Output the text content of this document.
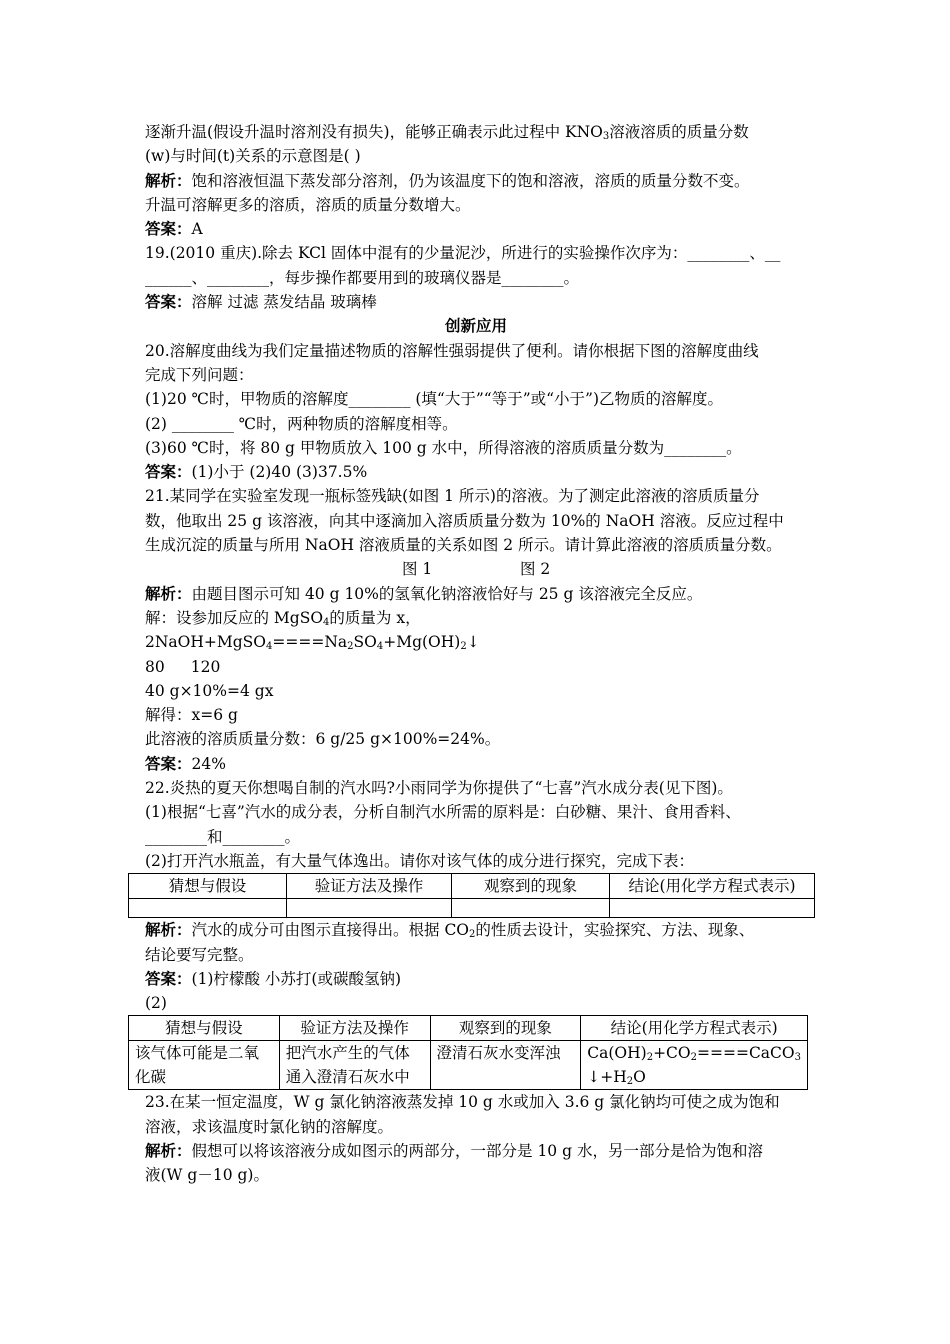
逐渐升温(假设升温时溶剂没有损失)，能够正确表示此过程中 $KNO_3$溶液溶质的质量分数
(w)与时间(t)关系的示意图是( )
解析：饱和溶液恒温下蒸发部分溶剂，仍为该温度下的饱和溶液，溶质的质量分数不变。
升温可溶解更多的溶质，溶质的质量分数增大。
答案：A
19.(2010 重庆).除去 KCl 固体中混有的少量泥沙，所进行的实验操作次序为：________、__
______、________，每步操作都要用到的玻璃仪器是________。
答案：溶解 过滤 蒸发结晶 玻璃棒
创新应用
20.溶解度曲线为我们定量描述物质的溶解性强弱提供了便利。请你根据下图的溶解度曲线
完成下列问题：
(1)20 ℃时，甲物质的溶解度________ (填“大于”“等于”或“小于”)乙物质的溶解度。
(2) ________ ℃时，两种物质的溶解度相等。
(3)60 ℃时，将 80 g 甲物质放入 100 g 水中，所得溶液的溶质质量分数为________。
答案：(1)小于 (2)40 (3)37.5%
21.某同学在实验室发现一瓶标签残缺(如图 1 所示)的溶液。为了测定此溶液的溶质质量分
数，他取出 25 g 该溶液，向其中逐滴加入溶质质量分数为 10%的 NaOH 溶液。反应过程中
生成沉淀的质量与所用 NaOH 溶液质量的关系如图 2 所示。请计算此溶液的溶质质量分数。
图 1	图 2
解析：由题目图示可知 40 g 10%的氢氧化钠溶液恰好与 25 g 该溶液完全反应。
解：设参加反应的 MgSO$_4$的质量为 x，
$2NaOH+MgSO_4====Na_2SO_4+Mg(OH)_2↓$
80 120
40 g×10%=4 gx
解得：x=6 g
此溶液的溶质质量分数：6 g/25 g×100%=24%。
答案：24%
22.炎热的夏天你想喝自制的汽水吗?小雨同学为你提供了“七喜”汽水成分表(见下图)。
(1)根据“七喜”汽水的成分表，分析自制汽水所需的原料是：白砂糖、果汁、食用香料、
________和________。
(2)打开汽水瓶盖，有大量气体逸出。请你对该气体的成分进行探究，完成下表：
猜想与假设	验证方法及操作	观察到的现象	结论(用化学方程式表示)

解析：汽水的成分可由图示直接得出。根据 $CO_2$的性质去设计，实验探究、方法、现象、
结论要写完整。
答案：(1)柠檬酸 小苏打(或碳酸氢钠)
(2)
猜想与假设	验证方法及操作	观察到的现象	结论(用化学方程式表示)
该气体可能是二氧化碳	把汽水产生的气体通入澄清石灰水中	澄清石灰水变浑浊	$Ca(OH)_2+CO_2====CaCO_3$
$↓+H_2O$
23.在某一恒定温度，W g 氯化钠溶液蒸发掉 10 g 水或加入 3.6 g 氯化钠均可使之成为饱和
溶液，求该温度时氯化钠的溶解度。
解析：假想可以将该溶液分成如图示的两部分，一部分是 10 g 水，另一部分是恰为饱和溶
液(W g－10 g)。
